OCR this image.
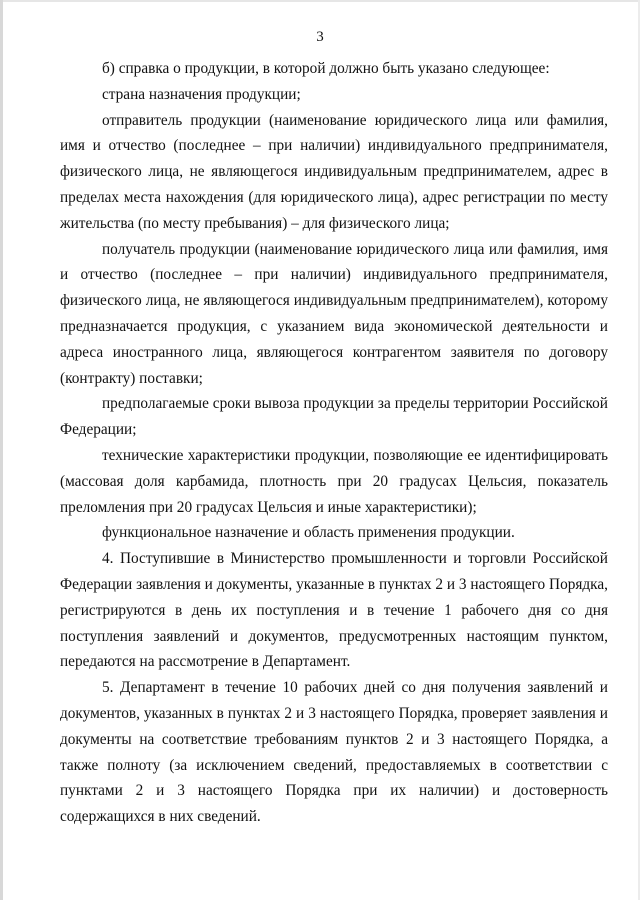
3

б) справка о продукции, в которой должно быть указано следующее:

страна назначения продукции;

отправитель продукции (наименование юридического лица или фамилия, имя и отчество (последнее – при наличии) индивидуального предпринимателя, физического лица, не являющегося индивидуальным предпринимателем, адрес в пределах места нахождения (для юридического лица), адрес регистрации по месту жительства (по месту пребывания) – для физического лица;

получатель продукции (наименование юридического лица или фамилия, имя и отчество (последнее – при наличии) индивидуального предпринимателя, физического лица, не являющегося индивидуальным предпринимателем), которому предназначается продукция, с указанием вида экономической деятельности и адреса иностранного лица, являющегося контрагентом заявителя по договору (контракту) поставки;

предполагаемые сроки вывоза продукции за пределы территории Российской Федерации;

технические характеристики продукции, позволяющие ее идентифицировать (массовая доля карбамида, плотность при 20 градусах Цельсия, показатель преломления при 20 градусах Цельсия и иные характеристики);

функциональное назначение и область применения продукции.

4. Поступившие в Министерство промышленности и торговли Российской Федерации заявления и документы, указанные в пунктах 2 и 3 настоящего Порядка, регистрируются в день их поступления и в течение 1 рабочего дня со дня поступления заявлений и документов, предусмотренных настоящим пунктом, передаются на рассмотрение в Департамент.

5. Департамент в течение 10 рабочих дней со дня получения заявлений и документов, указанных в пунктах 2 и 3 настоящего Порядка, проверяет заявления и документы на соответствие требованиям пунктов 2 и 3 настоящего Порядка, а также полноту (за исключением сведений, предоставляемых в соответствии с пунктами 2 и 3 настоящего Порядка при их наличии) и достоверность содержащихся в них сведений.
